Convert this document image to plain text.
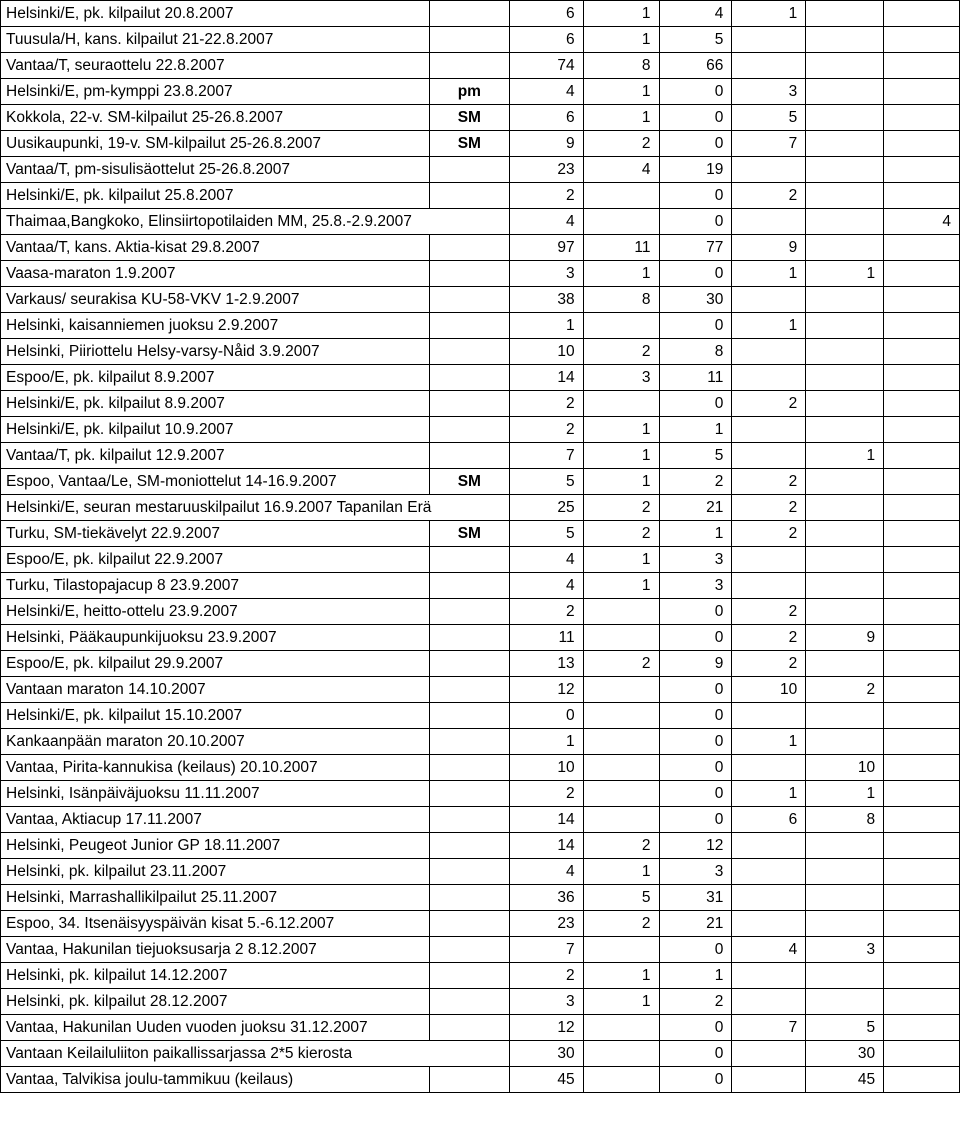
Helsinki/E, pk. kilpailut 20.8.2007		6	1	4	1		
Tuusula/H, kans. kilpailut 21-22.8.2007		6	1	5			
Vantaa/T, seuraottelu 22.8.2007		74	8	66			
Helsinki/E, pm-kymppi 23.8.2007	pm	4	1	0	3		
Kokkola, 22-v. SM-kilpailut 25-26.8.2007	SM	6	1	0	5		
Uusikaupunki, 19-v. SM-kilpailut 25-26.8.2007	SM	9	2	0	7		
Vantaa/T, pm-sisulisäottelut 25-26.8.2007		23	4	19			
Helsinki/E, pk. kilpailut 25.8.2007		2		0	2		
Thaimaa,Bangkoko, Elinsiirtopotilaiden MM, 25.8.-2.9.2007		4		0			4
Vantaa/T, kans. Aktia-kisat 29.8.2007		97	11	77	9		
Vaasa-maraton 1.9.2007		3	1	0	1	1	
Varkaus/ seurakisa KU-58-VKV 1-2.9.2007		38	8	30			
Helsinki, kaisanniemen juoksu 2.9.2007		1		0	1		
Helsinki, Piiriottelu Helsy-varsy-Nåid 3.9.2007		10	2	8			
Espoo/E, pk. kilpailut 8.9.2007		14	3	11			
Helsinki/E, pk. kilpailut 8.9.2007		2		0	2		
Helsinki/E, pk. kilpailut 10.9.2007		2	1	1			
Vantaa/T, pk. kilpailut 12.9.2007		7	1	5		1	
Espoo, Vantaa/Le, SM-moniottelut 14-16.9.2007	SM	5	1	2	2		
Helsinki/E, seuran mestaruuskilpailut 16.9.2007 Tapanilan Erä		25	2	21	2		
Turku, SM-tiekävelyt 22.9.2007	SM	5	2	1	2		
Espoo/E, pk. kilpailut 22.9.2007		4	1	3			
Turku, Tilastopajacup 8 23.9.2007		4	1	3			
Helsinki/E, heitto-ottelu 23.9.2007		2		0	2		
Helsinki, Pääkaupunkijuoksu 23.9.2007		11		0	2	9	
Espoo/E, pk. kilpailut 29.9.2007		13	2	9	2		
Vantaan maraton 14.10.2007		12		0	10	2	
Helsinki/E, pk. kilpailut 15.10.2007		0		0			
Kankaanpään maraton 20.10.2007		1		0	1		
Vantaa, Pirita-kannukisa (keilaus) 20.10.2007		10		0		10	
Helsinki, Isänpäiväjuoksu 11.11.2007		2		0	1	1	
Vantaa, Aktiacup 17.11.2007		14		0	6	8	
Helsinki, Peugeot Junior GP 18.11.2007		14	2	12			
Helsinki, pk. kilpailut 23.11.2007		4	1	3			
Helsinki, Marrashallikilpailut 25.11.2007		36	5	31			
Espoo, 34. Itsenäisyyspäivän kisat 5.-6.12.2007		23	2	21			
Vantaa, Hakunilan tiejuoksusarja 2 8.12.2007		7		0	4	3	
Helsinki, pk. kilpailut 14.12.2007		2	1	1			
Helsinki, pk. kilpailut 28.12.2007		3	1	2			
Vantaa, Hakunilan Uuden vuoden juoksu 31.12.2007		12		0	7	5	
Vantaan Keilailuliiton paikallissarjassa 2*5 kierosta		30		0		30	
Vantaa, Talvikisa joulu-tammikuu (keilaus)		45		0		45	
